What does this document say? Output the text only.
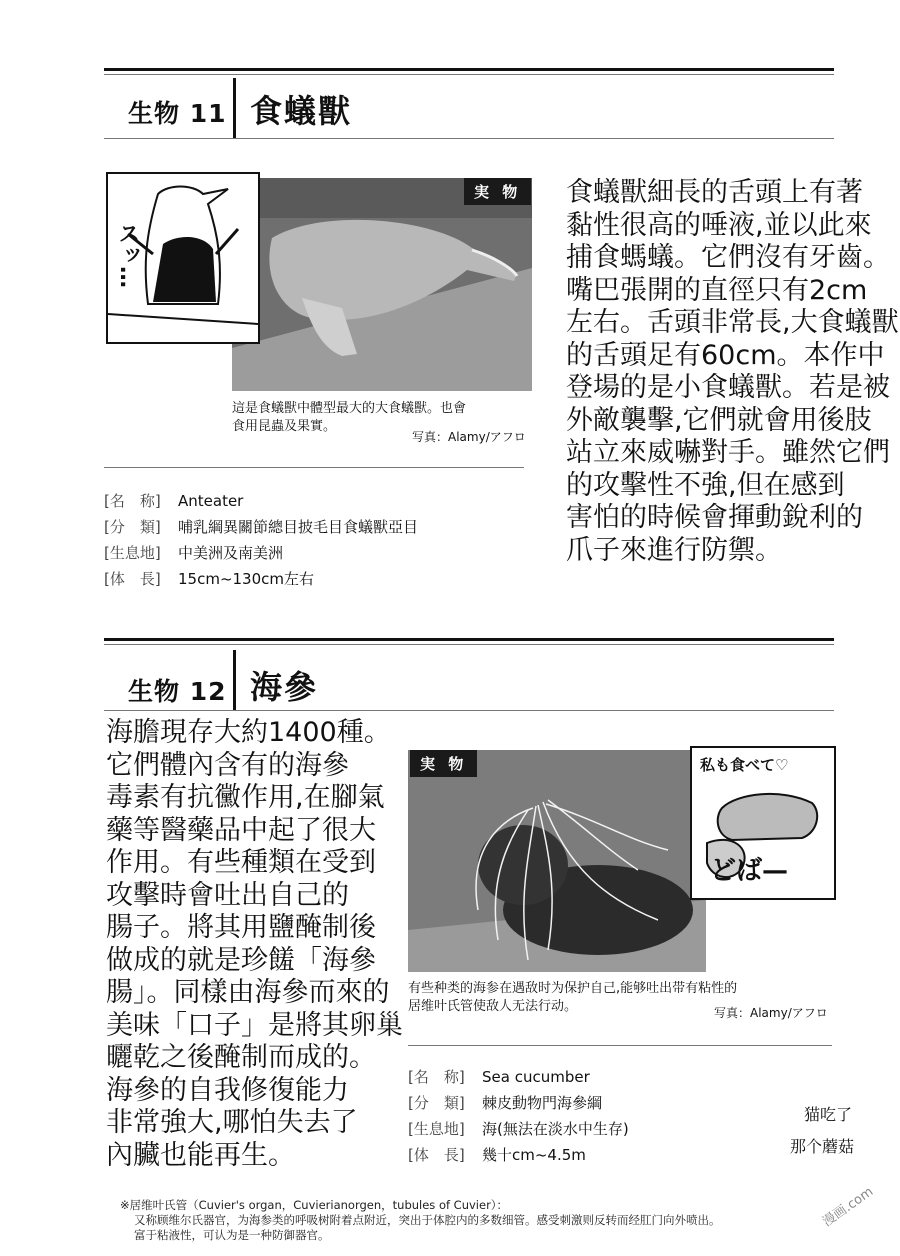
生物 11 食蟻獸
実 物
スッ…
這是食蟻獸中體型最大的大食蟻獸。也會
食用昆蟲及果實。
写真：Alamy/アフロ
食蟻獸細長的舌頭上有著
黏性很高的唾液,並以此來
捕食螞蟻。它們沒有牙齒。
嘴巴張開的直徑只有2cm
左右。舌頭非常長,大食蟻獸
的舌頭足有60cm。本作中
登場的是小食蟻獸。若是被
外敵襲擊,它們就會用後肢
站立來威嚇對手。雖然它們
的攻擊性不強,但在感到
害怕的時候會揮動銳利的
爪子來進行防禦。
[名　称] Anteater
[分　類] 哺乳綱異關節總目披毛目食蟻獸亞目
[生息地] 中美洲及南美洲
[体　長] 15cm~130cm左右
生物 12 海參
海膽現存大約1400種。
它們體內含有的海參
毒素有抗黴作用,在腳氣
藥等醫藥品中起了很大
作用。有些種類在受到
攻擊時會吐出自己的
腸子。將其用鹽醃制後
做成的就是珍饈「海參
腸」。同樣由海參而來的
美味「口子」是將其卵巢
曬乾之後醃制而成的。
海參的自我修復能力
非常強大,哪怕失去了
內臟也能再生。
実 物	私も食べて♡
どば—
有些种类的海参在遇敌时为保护自己,能够吐出带有粘性的
居维叶氏管使敌人无法行动。	写真：Alamy/アフロ
[名　称] Sea cucumber
[分　類] 棘皮動物門海參綱
[生息地] 海(無法在淡水中生存)
[体　長] 幾十cm~4.5m
猫吃了
那个蘑菇
漫画.com
※居维叶氏管（Cuvier's organ，Cuvierianorgen，tubules of Cuvier）：
又称顾维尔氏器官，为海参类的呼吸树附着点附近，突出于体腔内的多数细管。感受刺激则反转而经肛门向外喷出。
富于粘液性，可认为是一种防御器官。
